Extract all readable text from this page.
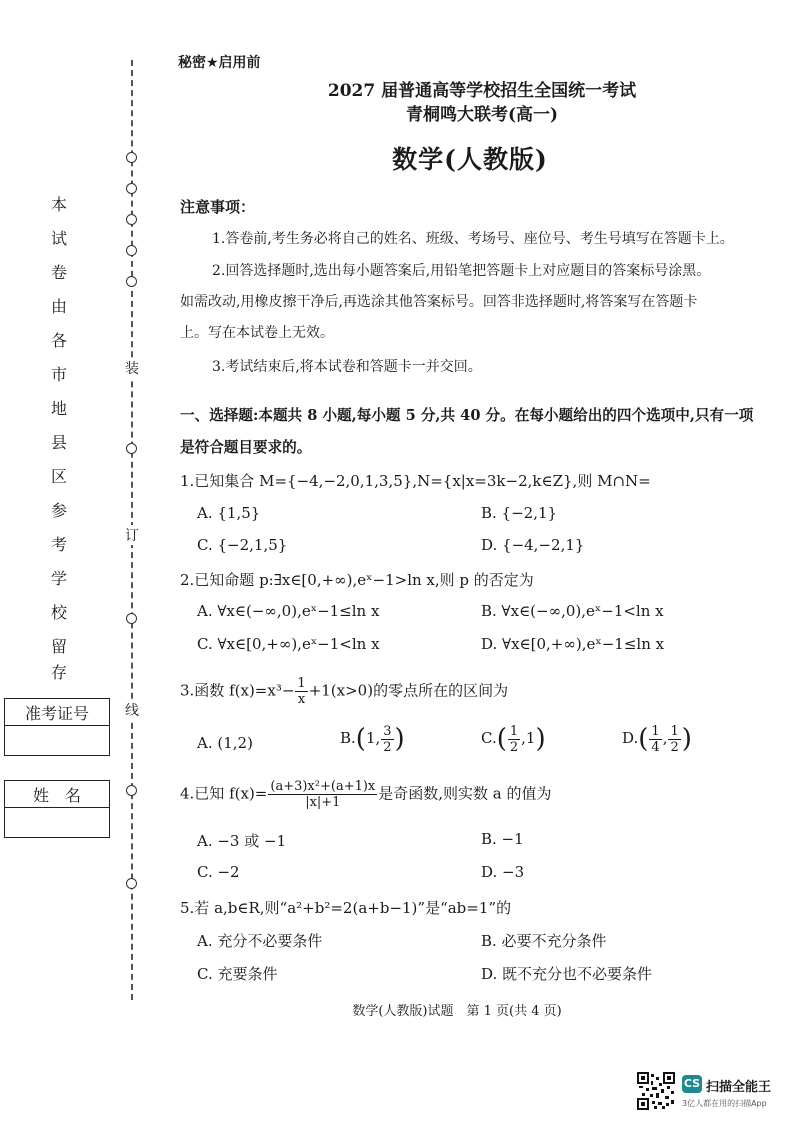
装
订
线
本
试
卷
由
各
市
地
县
区
参
考
学
校
留
存
准考证号
姓　名
秘密★启用前
2027 届普通高等学校招生全国统一考试
青桐鸣大联考(高一)
数学(人教版)
注意事项：
1.答卷前,考生务必将自己的姓名、班级、考场号、座位号、考生号填写在答题卡上。
2.回答选择题时,选出每小题答案后,用铅笔把答题卡上对应题目的答案标号涂黑。
如需改动,用橡皮擦干净后,再选涂其他答案标号。回答非选择题时,将答案写在答题卡
上。写在本试卷上无效。
3.考试结束后,将本试卷和答题卡一并交回。
一、选择题:本题共 8 小题,每小题 5 分,共 40 分。在每小题给出的四个选项中,只有一项
是符合题目要求的。
1.已知集合 M={−4,−2,0,1,3,5},N={x|x=3k−2,k∈Z},则 M∩N=
A. {1,5}	B. {−2,1}
C. {−2,1,5}	D. {−4,−2,1}
2.已知命题 p:∃x∈[0,+∞),eˣ−1>ln x,则 p 的否定为
A. ∀x∈(−∞,0),eˣ−1≤ln x	B. ∀x∈(−∞,0),eˣ−1<ln x
C. ∀x∈[0,+∞),eˣ−1<ln x	D. ∀x∈[0,+∞),eˣ−1≤ln x
3.函数 $f(x)=x^3- \frac{1}{x} +1(x>0)$的零点所在的区间为
A. (1,2)	B.(1, $\frac{3}{2}$ )	$C.( \frac{1}{2} ,1)$	$D.( \frac{1}{4}$ , $\frac{1}{2}$ )
4.已知 $f(x)= \frac{\text{(a+3)x²+(a+1)x}}{|x|+1}$ 是奇函数,则实数 a 的值为
A. −3 或 −1	B. −1
C. −2	D. −3
5.若 a,b∈R,则“a²+b²=2(a+b−1)”是“ab=1”的
A. 充分不必要条件	B. 必要不充分条件
C. 充要条件	D. 既不充分也不必要条件
数学(人教版)试题　第 1 页(共 4 页)
CS 扫描全能王
3亿人都在用的扫描App
